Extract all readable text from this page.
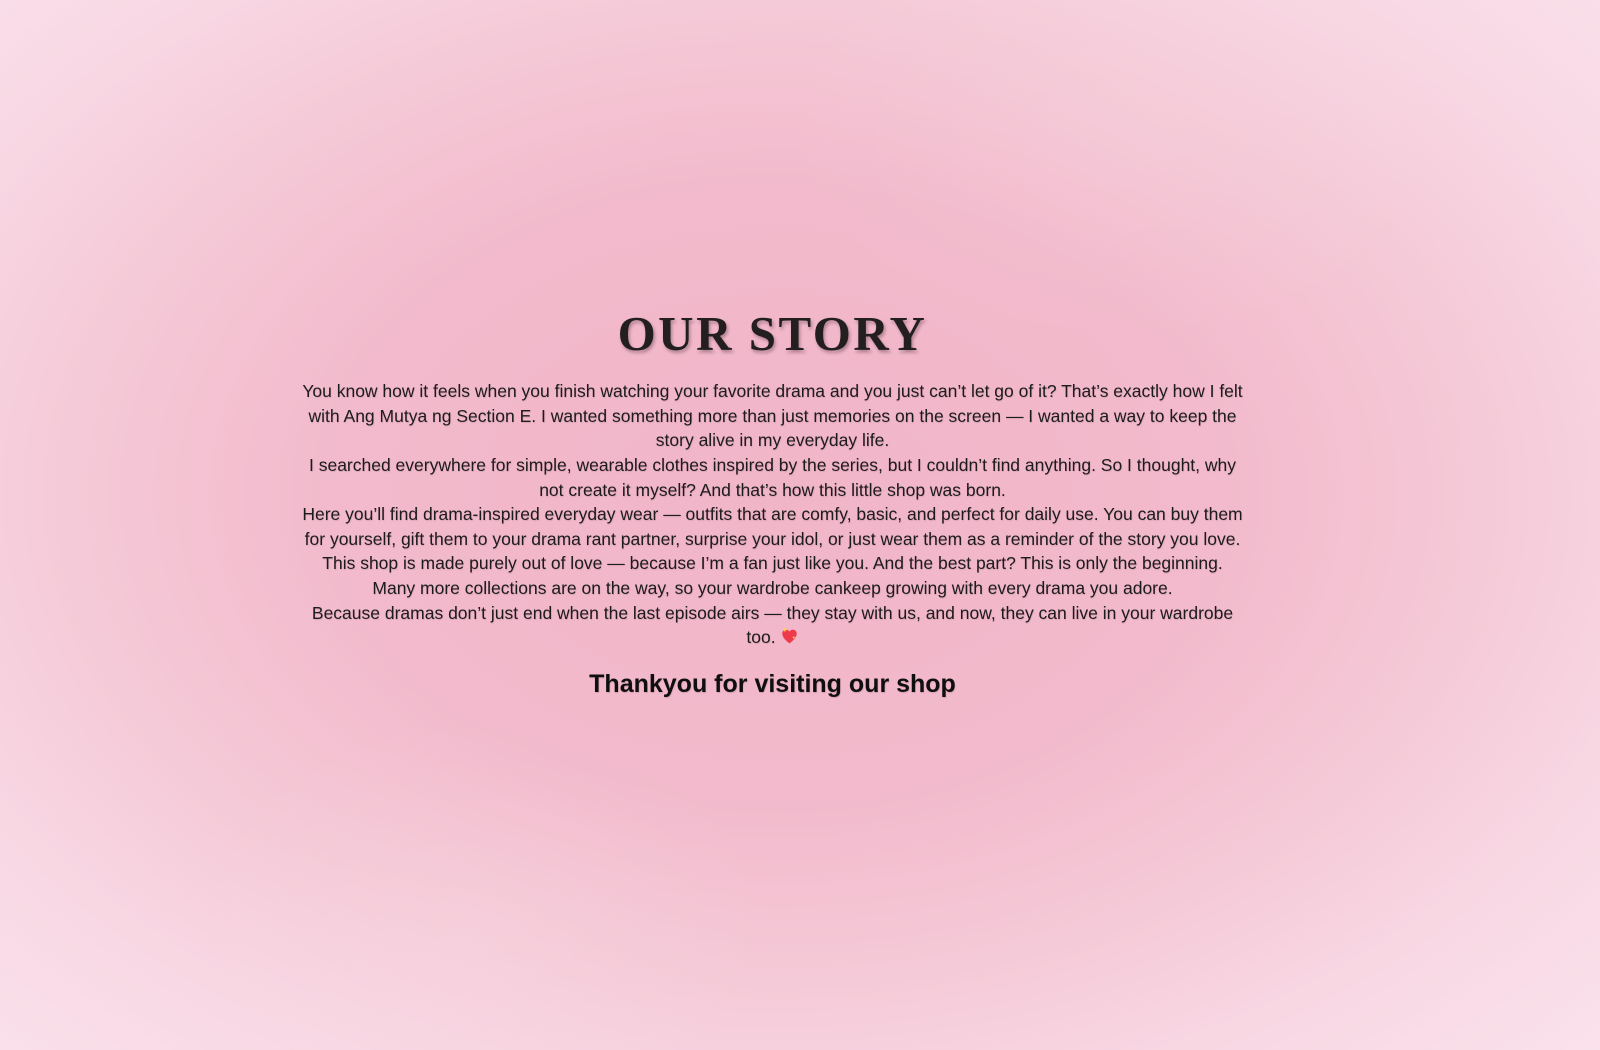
OUR STORY

You know how it feels when you finish watching your favorite drama and you just can’t let go of it? That’s exactly how I felt with Ang Mutya ng Section E. I wanted something more than just memories on the screen — I wanted a way to keep the story alive in my everyday life.

I searched everywhere for simple, wearable clothes inspired by the series, but I couldn’t find anything. So I thought, why not create it myself? And that’s how this little shop was born.

Here you’ll find drama-inspired everyday wear — outfits that are comfy, basic, and perfect for daily use. You can buy them for yourself, gift them to your drama rant partner, surprise your idol, or just wear them as a reminder of the story you love.

This shop is made purely out of love — because I’m a fan just like you. And the best part? This is only the beginning. Many more collections are on the way, so your wardrobe cankeep growing with every drama you adore.

Because dramas don’t just end when the last episode airs — they stay with us, and now, they can live in your wardrobe too.

Thankyou for visiting our shop
